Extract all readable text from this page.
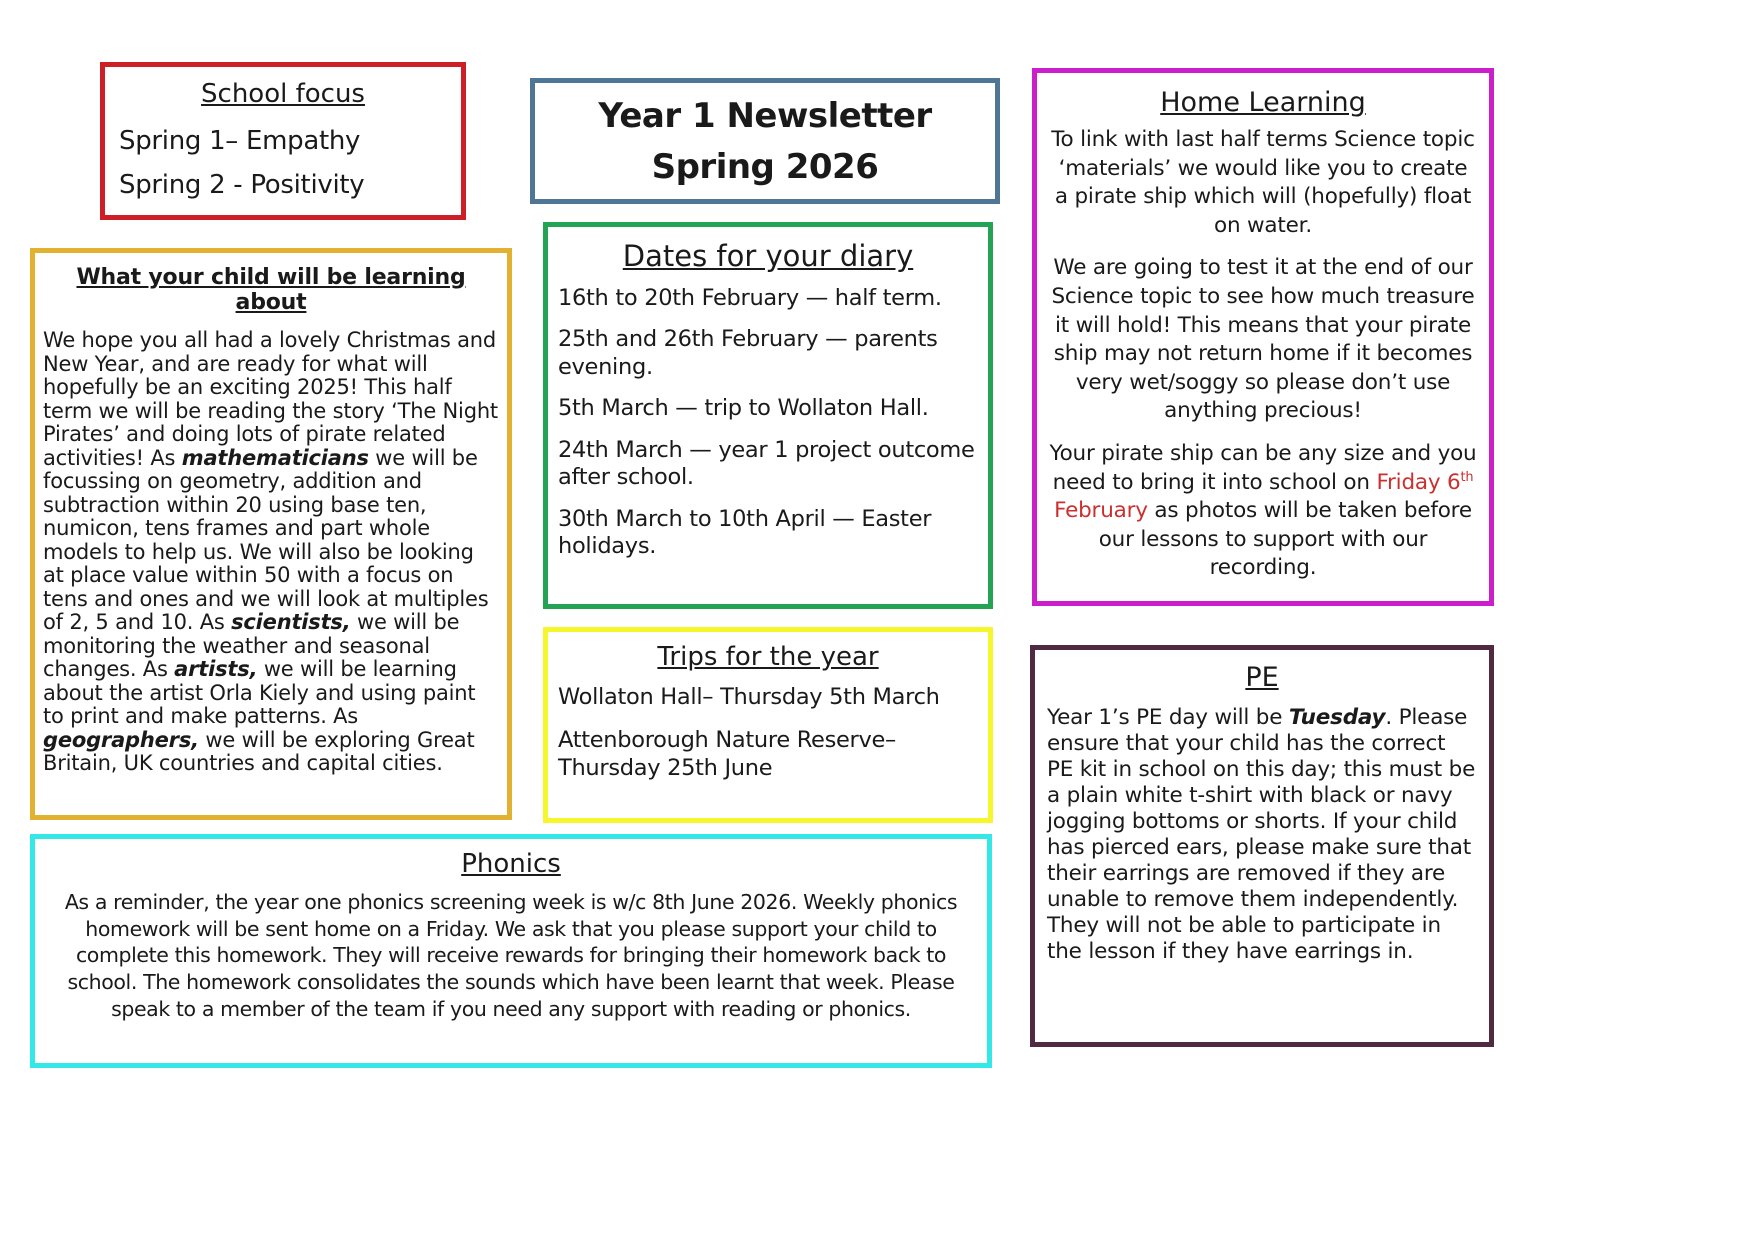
School focus
Spring 1– Empathy
Spring 2 - Positivity
Year 1 Newsletter
Spring 2026
Home Learning

To link with last half terms Science topic ‘materials’ we would like you to create a pirate ship which will (hopefully) float on water.

We are going to test it at the end of our Science topic to see how much treasure it will hold! This means that your pirate ship may not return home if it becomes very wet/soggy so please don’t use anything precious!

Your pirate ship can be any size and you need to bring it into school on Friday 6th February as photos will be taken before our lessons to support with our recording.

What your child will be learning about
We hope you all had a lovely Christmas and New Year, and are ready for what will hopefully be an exciting 2025! This half term we will be reading the story ‘The Night Pirates’ and doing lots of pirate related activities! As mathematicians we will be focussing on geometry, addition and subtraction within 20 using base ten, numicon, tens frames and part whole models to help us. We will also be looking at place value within 50 with a focus on tens and ones and we will look at multiples of 2, 5 and 10. As scientists, we will be monitoring the weather and seasonal changes. As artists, we will be learning about the artist Orla Kiely and using paint to print and make patterns. As geographers, we will be exploring Great Britain, UK countries and capital cities.
Dates for your diary

16th to 20th February — half term.

25th and 26th February — parents evening.

5th March — trip to Wollaton Hall.

24th March — year 1 project outcome after school.

30th March to 10th April — Easter holidays.

Trips for the year

Wollaton Hall– Thursday 5th March

Attenborough Nature Reserve– Thursday 25th June

Phonics
As a reminder, the year one phonics screening week is w/c 8th June 2026. Weekly phonics homework will be sent home on a Friday. We ask that you please support your child to complete this homework. They will receive rewards for bringing their homework back to school. The homework consolidates the sounds which have been learnt that week. Please speak to a member of the team if you need any support with reading or phonics.
PE
Year 1’s PE day will be Tuesday. Please ensure that your child has the correct PE kit in school on this day; this must be a plain white t-shirt with black or navy jogging bottoms or shorts. If your child has pierced ears, please make sure that their earrings are removed if they are unable to remove them independently. They will not be able to participate in the lesson if they have earrings in.
